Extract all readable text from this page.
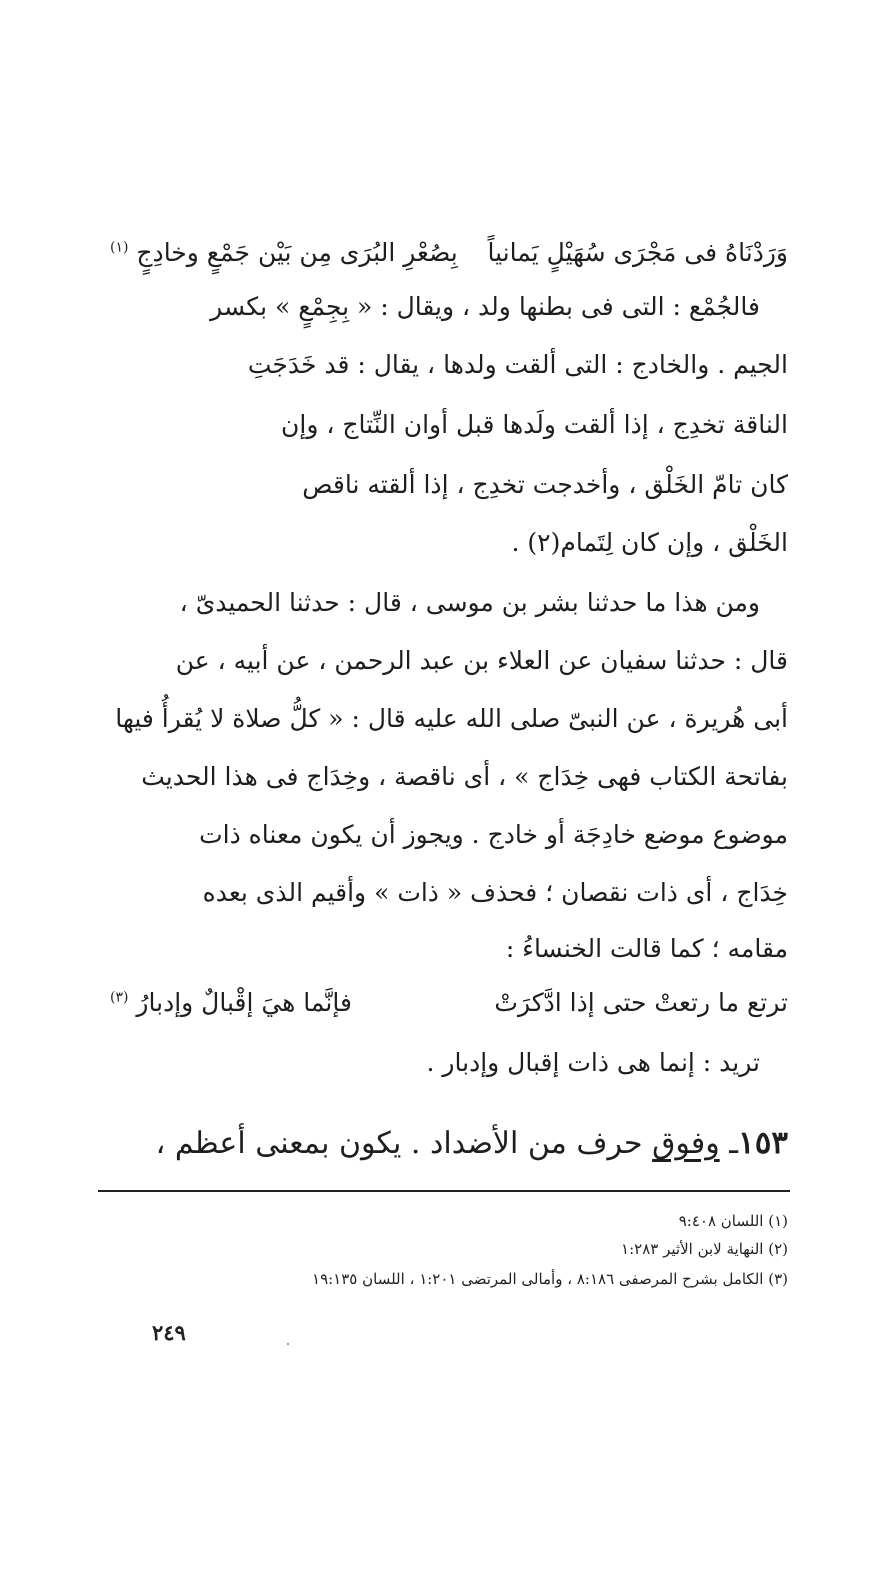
وَرَدْنَاهُ فى مَجْرَى سُهَيْلٍ يَمانياً
بِصُعْرِ البُرَى مِن بَيْن جَمْعٍ وخادِجٍ $^{(١)}$
فالجُمْع : التى فى بطنها ولد ، ويقال : « بِجِمْعٍ » بكسر
الجيم . والخادج : التى ألقت ولدها ، يقال : قد خَدَجَتِ
الناقة تخدِج ، إذا ألقت ولَدها قبل أوان النِّتاج ، وإن
كان تامّ الخَلْق ، وأخدجت تخدِج ، إذا ألقته ناقص
الخَلْق ، وإن كان لِتَمام(٢) .
ومن هذا ما حدثنا بشر بن موسى ، قال : حدثنا الحميدىّ ،
قال : حدثنا سفيان عن العلاء بن عبد الرحمن ، عن أبيه ، عن
أبى هُريرة ، عن النبىّ صلى الله عليه قال : « كلُّ صلاة لا يُقرأُ فيها
بفاتحة الكتاب فهى خِدَاج » ، أى ناقصة ، وخِدَاج فى هذا الحديث
موضوع موضع خادِجَة أو خادج . ويجوز أن يكون معناه ذات
خِدَاج ، أى ذات نقصان ؛ فحذف « ذات » وأقيم الذى بعده
مقامه ؛ كما قالت الخنساءُ :
ترتع ما رتعتْ حتى إذا ادَّكرَتْ
فإنَّما هيَ إقْبالٌ وإدبارُ $^{(٣)}$
تريد : إنما هى ذات إقبال وإدبار .
١٥٣ـ وفوق حرف من الأضداد . يكون بمعنى أعظم ،
(١) اللسان ٩:٤٠٨
(٢) النهاية لابن الأثير ١:٢٨٣
(٣) الكامل بشرح المرصفى ٨:١٨٦ ، وأمالى المرتضى ١:٢٠١ ، اللسان ١٩:١٣٥
٢٤٩
